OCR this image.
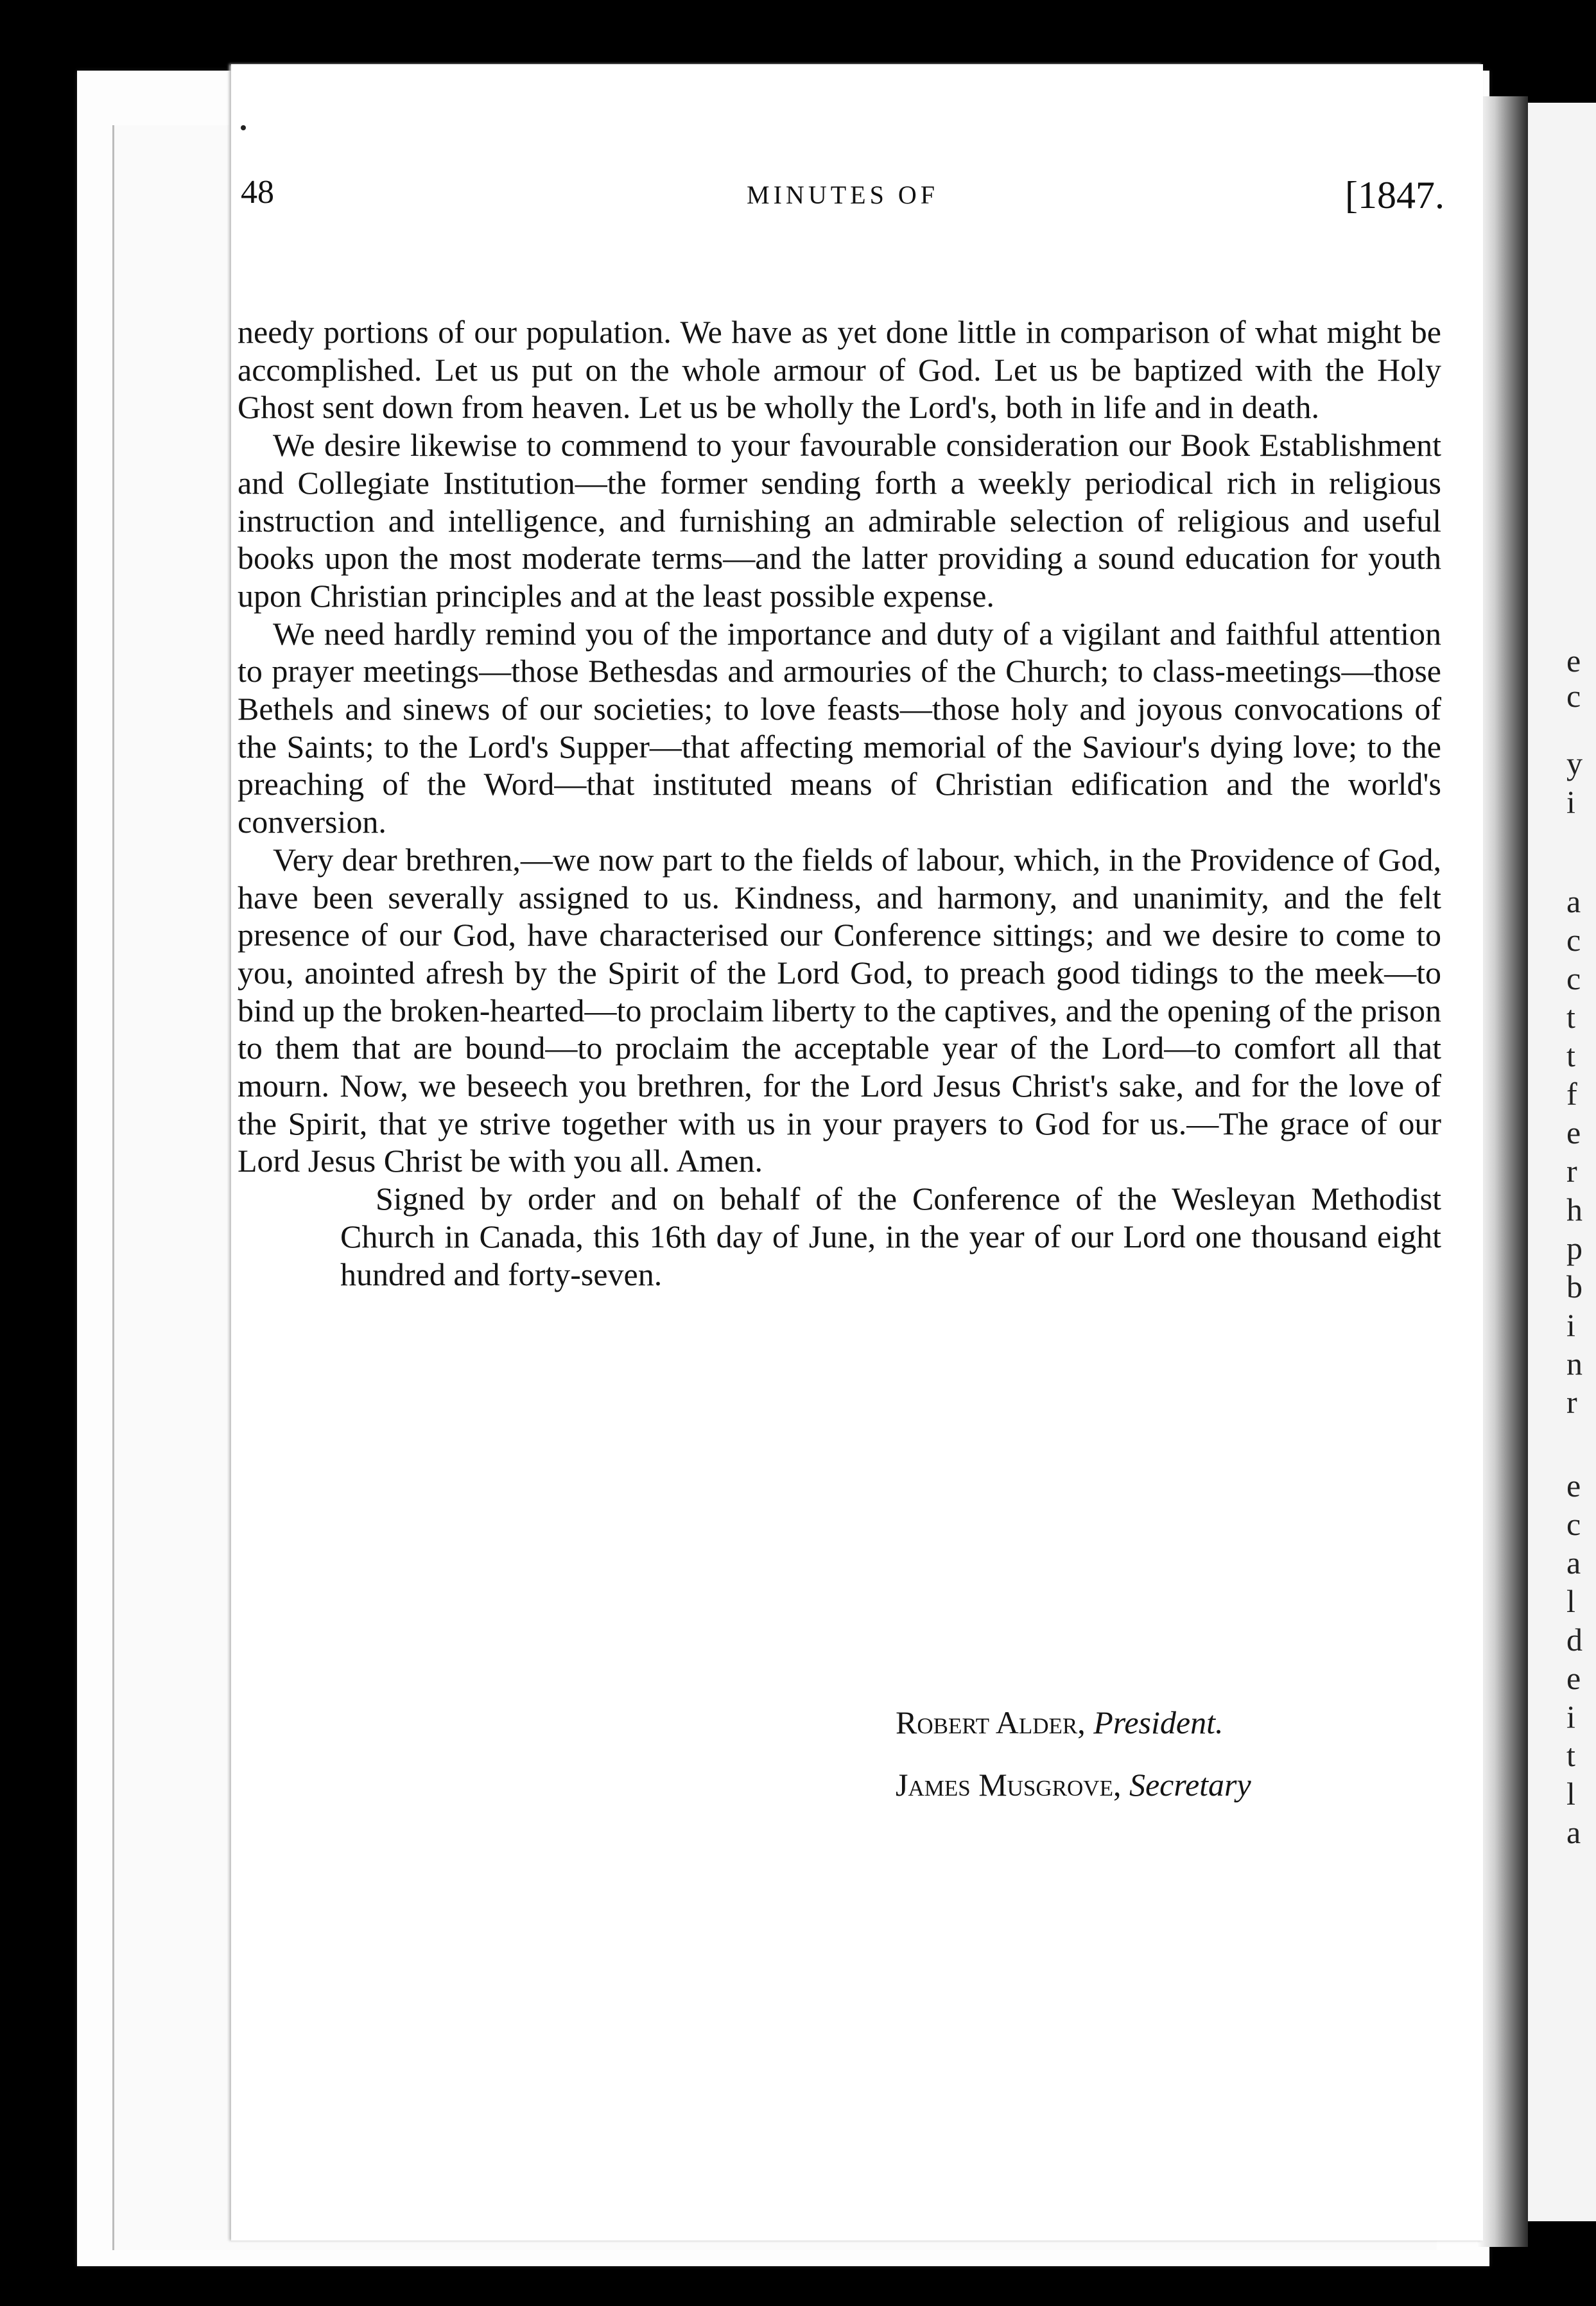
e
c
y
i
a
c
c
t
t
f
e
r
h
p
b
i
n
r
e
c
a
l
d
e
i
t
l
a
48	MINUTES OF	[1847.

needy portions of our population. We have as yet done little in comparison of what might be accomplished. Let us put on the whole armour of God. Let us be baptized with the Holy Ghost sent down from heaven. Let us be wholly the Lord's, both in life and in death.

We desire likewise to commend to your favourable consideration our Book Establishment and Collegiate Institution—the former sending forth a weekly periodical rich in religious instruction and intelligence, and furnishing an admirable selection of religious and useful books upon the most moderate terms—and the latter providing a sound education for youth upon Christian principles and at the least possible expense.

We need hardly remind you of the importance and duty of a vigilant and faithful attention to prayer meetings—those Bethesdas and armouries of the Church; to class-meetings—those Bethels and sinews of our societies; to love feasts—those holy and joyous convocations of the Saints; to the Lord's Supper—that affecting memorial of the Saviour's dying love; to the preaching of the Word—that instituted means of Christian edification and the world's conversion.

Very dear brethren,—we now part to the fields of labour, which, in the Providence of God, have been severally assigned to us. Kindness, and harmony, and unanimity, and the felt presence of our God, have characterised our Conference sittings; and we desire to come to you, anointed afresh by the Spirit of the Lord God, to preach good tidings to the meek—to bind up the broken-hearted—to proclaim liberty to the captives, and the opening of the prison to them that are bound—to proclaim the acceptable year of the Lord—to comfort all that mourn. Now, we beseech you brethren, for the Lord Jesus Christ's sake, and for the love of the Spirit, that ye strive together with us in your prayers to God for us.—The grace of our Lord Jesus Christ be with you all. Amen.

Signed by order and on behalf of the Conference of the Wesleyan Methodist Church in Canada, this 16th day of June, in the year of our Lord one thousand eight hundred and forty-seven.

Robert Alder, President.
James Musgrove, Secretary
